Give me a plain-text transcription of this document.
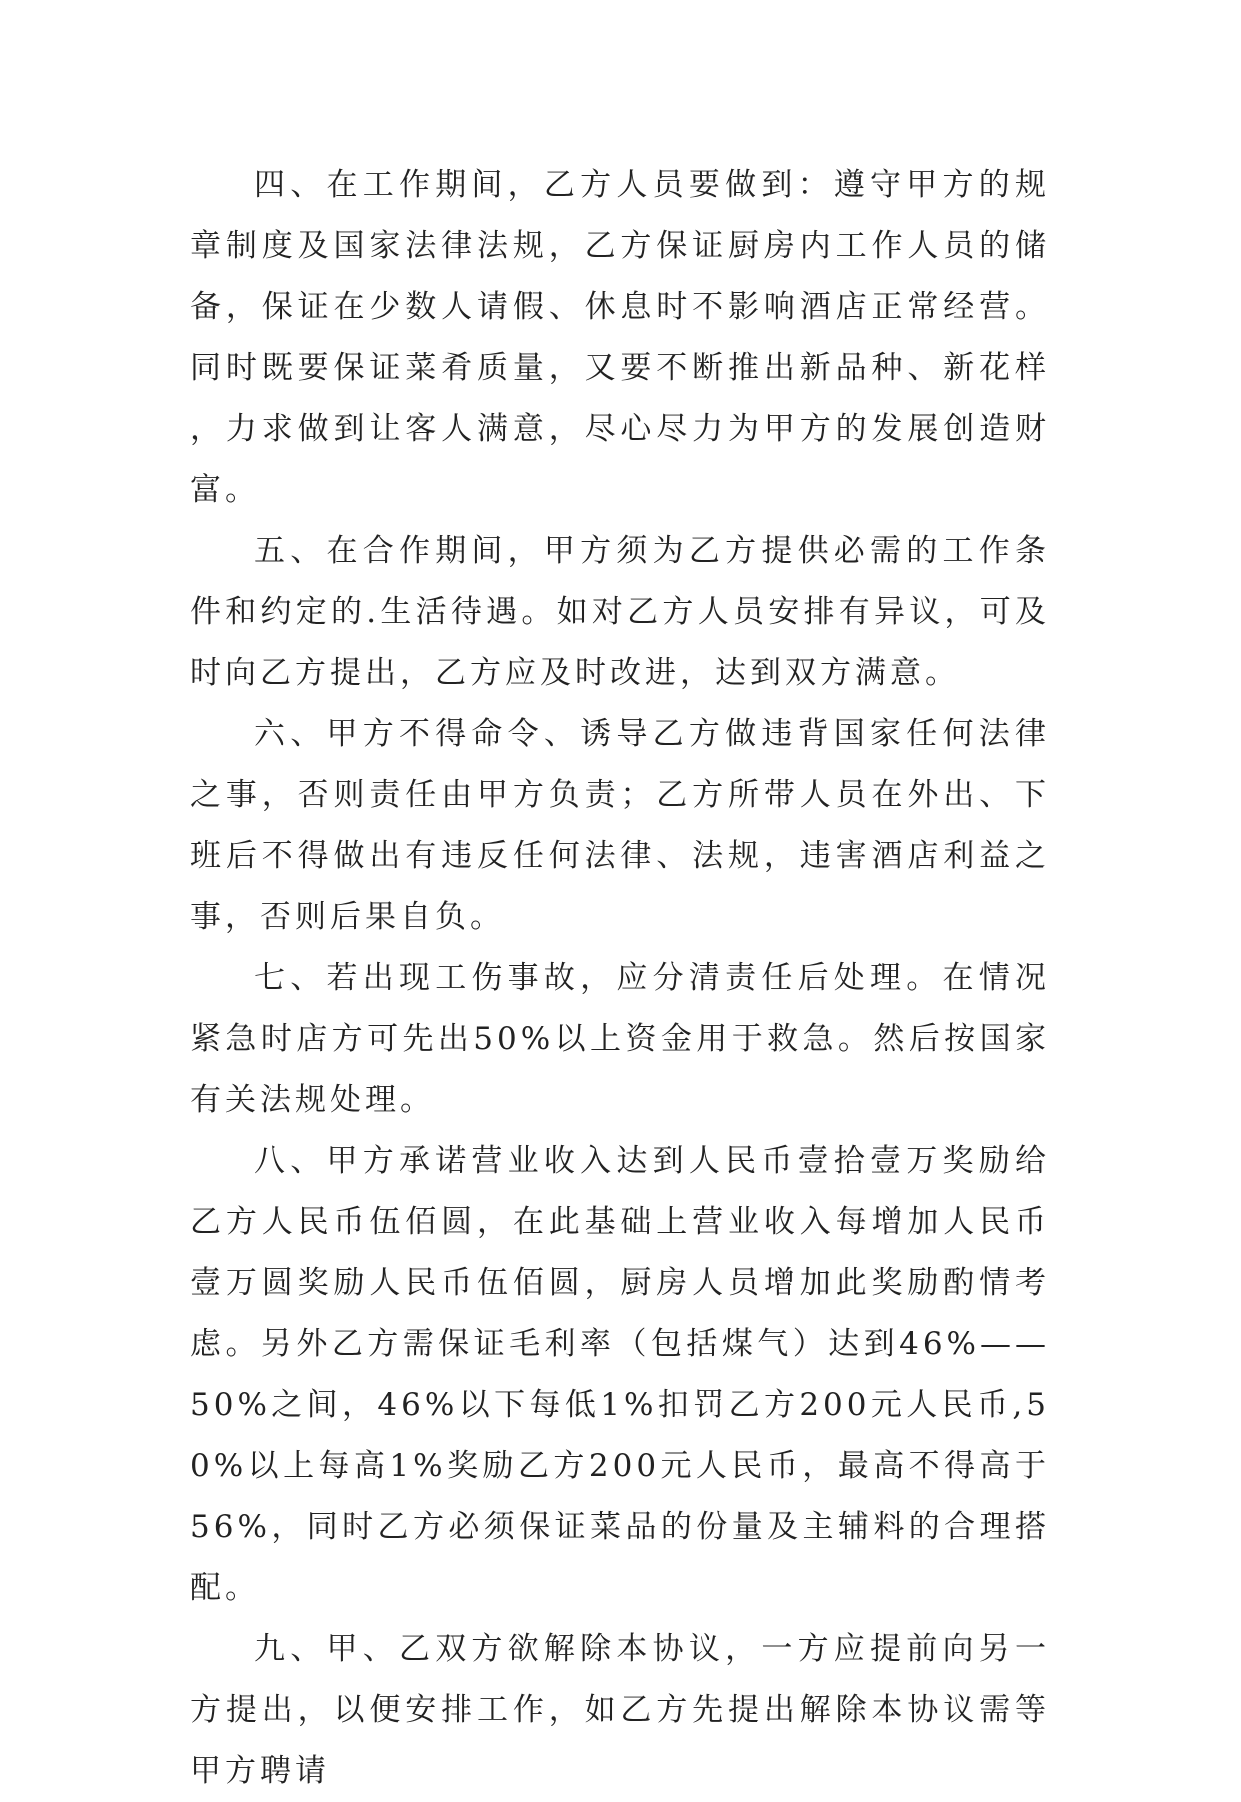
四、在工作期间，乙方人员要做到：遵守甲方的规章制度及国家法律法规，乙方保证厨房内工作人员的储备，保证在少数人请假、休息时不影响酒店正常经营。同时既要保证菜肴质量，又要不断推出新品种、新花样，力求做到让客人满意，尽心尽力为甲方的发展创造财富。

五、在合作期间，甲方须为乙方提供必需的工作条件和约定的.生活待遇。如对乙方人员安排有异议，可及时向乙方提出，乙方应及时改进，达到双方满意。

六、甲方不得命令、诱导乙方做违背国家任何法律之事，否则责任由甲方负责；乙方所带人员在外出、下班后不得做出有违反任何法律、法规，违害酒店利益之事，否则后果自负。

七、若出现工伤事故，应分清责任后处理。在情况紧急时店方可先出50%以上资金用于救急。然后按国家有关法规处理。

八、甲方承诺营业收入达到人民币壹拾壹万奖励给乙方人民币伍佰圆，在此基础上营业收入每增加人民币壹万圆奖励人民币伍佰圆，厨房人员增加此奖励酌情考虑。另外乙方需保证毛利率（包括煤气）达到46%——50%之间，46%以下每低1%扣罚乙方200元人民币,50%以上每高1%奖励乙方200元人民币，最高不得高于56%，同时乙方必须保证菜品的份量及主辅料的合理搭配。

九、甲、乙双方欲解除本协议，一方应提前向另一方提出，以便安排工作，如乙方先提出解除本协议需等甲方聘请
